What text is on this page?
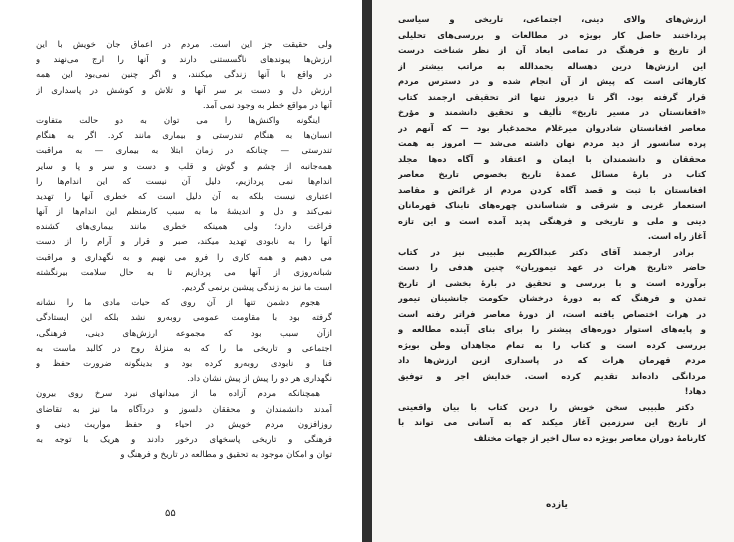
ولی حقیقت جز این است. مردم در اعماق جان خویش با این
ارزش‌ها پیوندهای ناگسستنی دارند و آنها را ارج می‌نهند و
در واقع با آنها زندگی میکنند، و اگر چنین نمی‌بود این همه
ارزش دل و دست بر سر آنها و تلاش و کوشش در پاسداری از
آنها در مواقع خطر به وجود نمی آمد.
اینگونه واکنش‌ها را می توان به دو حالت متفاوت
انسان‌ها به هنگام تندرستی و بیماری مانند کرد. اگر به هنگام
تندرستی — چنانکه در زمان ابتلا به بیماری — به مراقبت
همه‌جانبه از چشم و گوش و قلب و دست و سر و پا و سایر
اندام‌ها نمی پردازیم، دلیل آن نیست که این اندام‌ها را
اعتباری نیست بلکه به آن دلیل است که خطری آنها را تهدید
نمی‌کند و دل و اندیشهٔ ما به سبب کارمنظم این اندام‌ها از آنها
فراغت دارد؛ ولی همینکه خطری مانند بیماری‌های کشنده
آنها را به نابودی تهدید میکند، صبر و قرار و آرام را از دست
می دهیم و همه کاری را فرو می نهیم و به نگهداری و مراقبت
شبانه‌روزی از آنها می پردازیم تا به حال سلامت بیرنگشته
است ما نیز به زندگی پیشین برنمی گردیم.
هجوم دشمن تنها از آن روی که حیات مادی ما را نشانه
گرفته بود با مقاومت عمومی روبه‌رو نشد بلکه این ایستادگی
ازآن سبب بود که مجموعه ارزش‌های دینی، فرهنگی،
اجتماعی و تاریخی ما را که به منزلهٔ روح در کالبد ماست به
فنا و نابودی روبه‌رو کرده بود و بدینگونه ضرورت حفظ و
نگهداری هر دو را پیش از پیش نشان داد.
همچنانکه مردم آزاده ما از میدانهای نبرد سرخ روی بیرون
آمدند دانشمندان و محققان دلسوز و دردآگاه ما نیز به تقاضای
روزافزون مردم خویش در احیاء و حفظ مواریث دینی و
فرهنگی و تاریخی پاسخهای درخور دادند و هریک با توجه به
توان و امکان موجود به تحقیق و مطالعه در تاریخ و فرهنگ و
۵۵
ارزش‌های والای دینی، اجتماعی، تاریخی و سیاسی
پرداختند حاصل کار بویژه در مطالعات و بررسی‌های تحلیلی
از تاریخ و فرهنگ در تمامی ابعاد آن از نظر شناخت درست
این ارزش‌ها درین دهساله بحمدالله به مراتب بیشتر از
کارهائی است که پیش از آن انجام شده و در دسترس مردم
قرار گرفته بود. اگر تا دیروز تنها اثر تحقیقی ارجمند کتاب
«افغانستان در مسیر تاریخ» تألیف و تحقیق دانشمند و مؤرخ
معاصر افغانستان شادروان میرغلام محمدغبار بود — که آنهم در
پرده سانسور از دید مردم نهان داشته می‌شد — امروز به همت
محققان و دانشمندان با ایمان و اعتقاد و آگاه ده‌ها مجلد
کتاب در بارهٔ مسائل عمدهٔ تاریخ بخصوص تاریخ معاصر
افغانستان با ثبت و قصد آگاه کردن مردم از غرائض و مقاصد
استعمار غربی و شرقی و شناساندن چهره‌های تابناک قهرمانان
دینی و ملی و تاریخی و فرهنگی پدید آمده است و این تازه
آغاز راه است.
برادر ارجمند آقای دکتر عبدالکریم طبیبی نیز در کتاب
حاضر «تاریخ هرات در عهد تیموریان» چنین هدفی را دست
برآورده است و با بررسی و تحقیق در بارهٔ بخشی از تاریخ
تمدن و فرهنگ که به دورهٔ درخشان حکومت جانشینان تیمور
در هرات اختصاص یافته است، از دورهٔ معاصر فراتر رفته است
و پایه‌های استوار دوره‌های پیشتر را برای بنای آینده مطالعه و
بررسی کرده است و کتاب را به تمام مجاهدان وطن بویژه
مردم قهرمان هرات که در پاسداری ازین ارزش‌ها داد
مردانگی داده‌اند تقدیم کرده است. خدایش اجر و توفیق
دهاد!
دکتر طبیبی سخن خویش را درین کتاب با بیان واقعیتی
از تاریخ این سرزمین آغاز میکند که به آسانی می تواند با
کارنامهٔ دوران معاصر بویژه ده سال اخیر از جهات مختلف
یازده
